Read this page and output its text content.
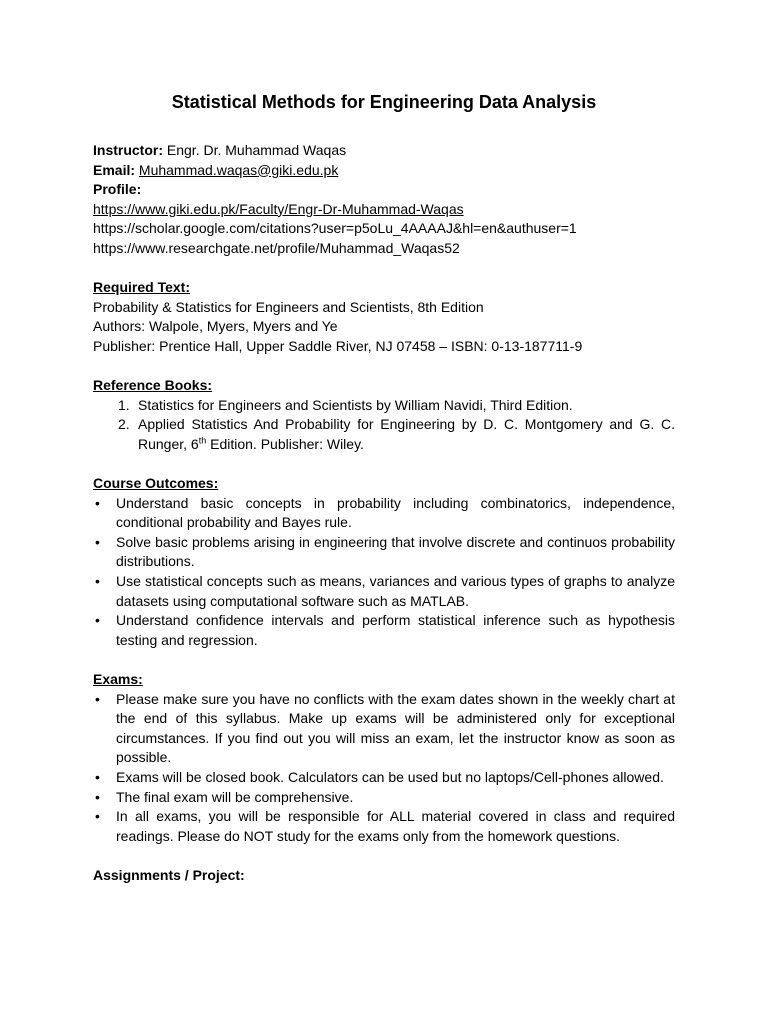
Statistical Methods for Engineering Data Analysis

Instructor: Engr. Dr. Muhammad Waqas

Email: Muhammad.waqas@giki.edu.pk

Profile:

https://www.giki.edu.pk/Faculty/Engr-Dr-Muhammad-Waqas

https://scholar.google.com/citations?user=p5oLu_4AAAAJ&hl=en&authuser=1

https://www.researchgate.net/profile/Muhammad_Waqas52

Required Text:

Probability & Statistics for Engineers and Scientists, 8th Edition

Authors: Walpole, Myers, Myers and Ye

Publisher: Prentice Hall, Upper Saddle River, NJ 07458 – ISBN: 0-13-187711-9

Reference Books:

1. Statistics for Engineers and Scientists by William Navidi, Third Edition.
2. Applied Statistics And Probability for Engineering by D. C. Montgomery and G. C. Runger, 6th Edition. Publisher: Wiley.

Course Outcomes:

• Understand basic concepts in probability including combinatorics, independence, conditional probability and Bayes rule.
• Solve basic problems arising in engineering that involve discrete and continuos probability distributions.
• Use statistical concepts such as means, variances and various types of graphs to analyze datasets using computational software such as MATLAB.
• Understand confidence intervals and perform statistical inference such as hypothesis testing and regression.

Exams:

• Please make sure you have no conflicts with the exam dates shown in the weekly chart at the end of this syllabus. Make up exams will be administered only for exceptional circumstances. If you find out you will miss an exam, let the instructor know as soon as possible.
• Exams will be closed book. Calculators can be used but no laptops/Cell-phones allowed.
• The final exam will be comprehensive.
• In all exams, you will be responsible for ALL material covered in class and required readings. Please do NOT study for the exams only from the homework questions.

Assignments / Project:
